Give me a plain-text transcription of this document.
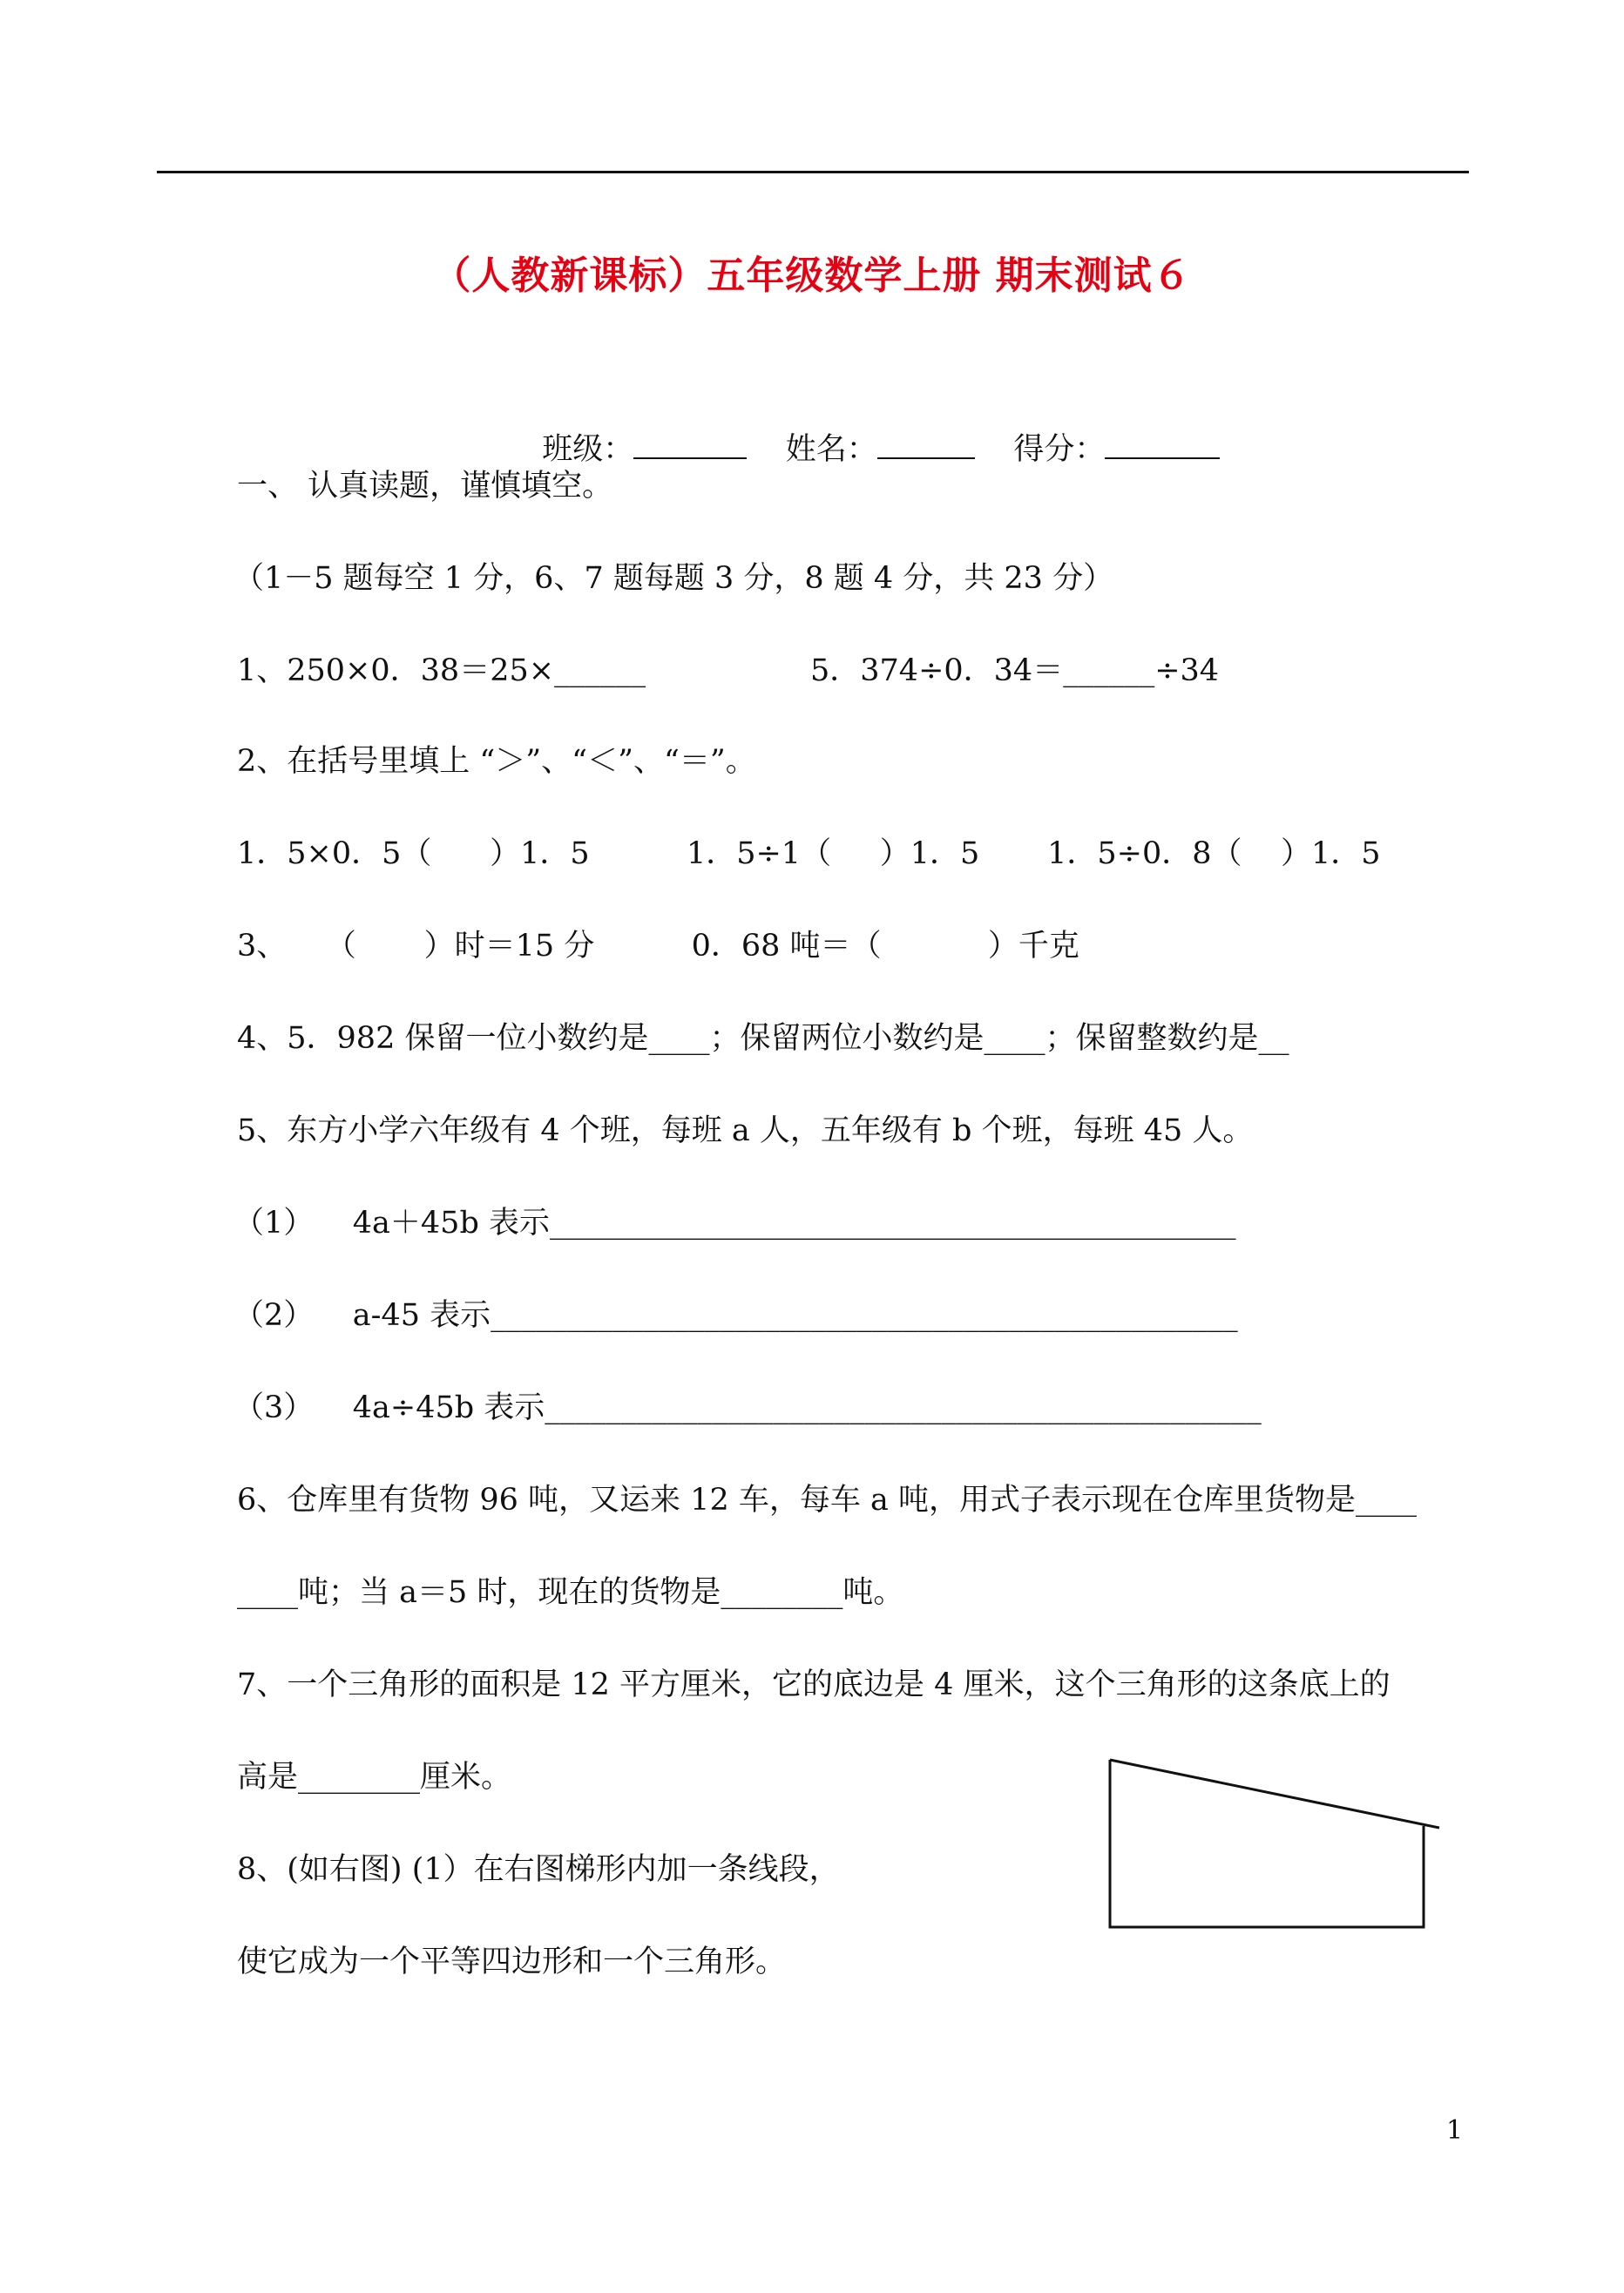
（人教新课标）五年级数学上册 期末测试６

班级：	姓名：	得分：

一、 认真读题，谨慎填空。
（1－5 题每空 1 分，6、7 题每题 3 分，8 题 4 分，共 23 分）
1、250×0．38＝25×______	5．374÷0．34＝______÷34
2、在括号里填上 “＞”、“＜”、“＝”。
1．5×0．5（      ）1．5          1．5÷1（     ）1．5       1．5÷0．8（    ）1．5
3、    （       ）时＝15 分          0．68 吨＝（           ）千克
4、5．982 保留一位小数约是____；保留两位小数约是____；保留整数约是__
5、东方小学六年级有 4 个班，每班 a 人，五年级有 b 个班，每班 45 人。
（1）    4a＋45b 表示_____________________________________________
（2）    a-45 表示_________________________________________________
（3）    4a÷45b 表示_______________________________________________
6、仓库里有货物 96 吨，又运来 12 车，每车 a 吨，用式子表示现在仓库里货物是____
____吨；当 a＝5 时，现在的货物是________吨。
7、一个三角形的面积是 12 平方厘米，它的底边是 4 厘米，这个三角形的这条底上的
高是________厘米。
8、(如右图) (1）在右图梯形内加一条线段，
使它成为一个平等四边形和一个三角形。
1
